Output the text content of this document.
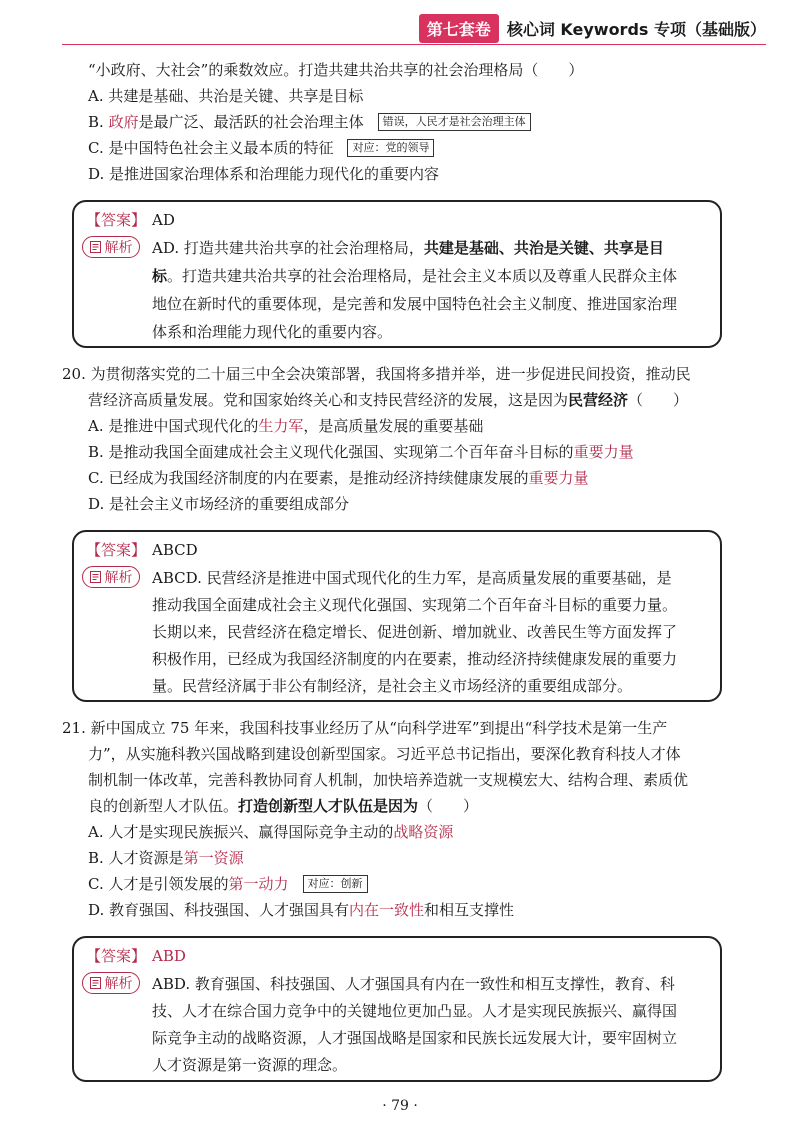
第七套卷	核心词 Keywords 专项（基础版）
“小政府、大社会”的乘数效应。打造共建共治共享的社会治理格局（　　）
A. 共建是基础、共治是关键、共享是目标
B. 政府是最广泛、最活跃的社会治理主体 错误，人民才是社会治理主体
C. 是中国特色社会主义最本质的特征 对应：党的领导
D. 是推进国家治理体系和治理能力现代化的重要内容
【答案】 AD
解析 AD. 打造共建共治共享的社会治理格局，共建是基础、共治是关键、共享是目
标。打造共建共治共享的社会治理格局，是社会主义本质以及尊重人民群众主体
地位在新时代的重要体现，是完善和发展中国特色社会主义制度、推进国家治理
体系和治理能力现代化的重要内容。
20. 为贯彻落实党的二十届三中全会决策部署，我国将多措并举，进一步促进民间投资，推动民
营经济高质量发展。党和国家始终关心和支持民营经济的发展，这是因为民营经济（　　）
A. 是推进中国式现代化的生力军，是高质量发展的重要基础
B. 是推动我国全面建成社会主义现代化强国、实现第二个百年奋斗目标的重要力量
C. 已经成为我国经济制度的内在要素，是推动经济持续健康发展的重要力量
D. 是社会主义市场经济的重要组成部分
【答案】 ABCD
解析 ABCD. 民营经济是推进中国式现代化的生力军，是高质量发展的重要基础，是
推动我国全面建成社会主义现代化强国、实现第二个百年奋斗目标的重要力量。
长期以来，民营经济在稳定增长、促进创新、增加就业、改善民生等方面发挥了
积极作用，已经成为我国经济制度的内在要素，推动经济持续健康发展的重要力
量。民营经济属于非公有制经济，是社会主义市场经济的重要组成部分。
21. 新中国成立 75 年来，我国科技事业经历了从“向科学进军”到提出“科学技术是第一生产
力”，从实施科教兴国战略到建设创新型国家。习近平总书记指出，要深化教育科技人才体
制机制一体改革，完善科教协同育人机制，加快培养造就一支规模宏大、结构合理、素质优
良的创新型人才队伍。打造创新型人才队伍是因为（　　）
A. 人才是实现民族振兴、赢得国际竞争主动的战略资源
B. 人才资源是第一资源
C. 人才是引领发展的第一动力 对应：创新
D. 教育强国、科技强国、人才强国具有内在一致性和相互支撑性
【答案】 ABD
解析 ABD. 教育强国、科技强国、人才强国具有内在一致性和相互支撑性，教育、科
技、人才在综合国力竞争中的关键地位更加凸显。人才是实现民族振兴、赢得国
际竞争主动的战略资源，人才强国战略是国家和民族长远发展大计，要牢固树立
人才资源是第一资源的理念。
· 79 ·
